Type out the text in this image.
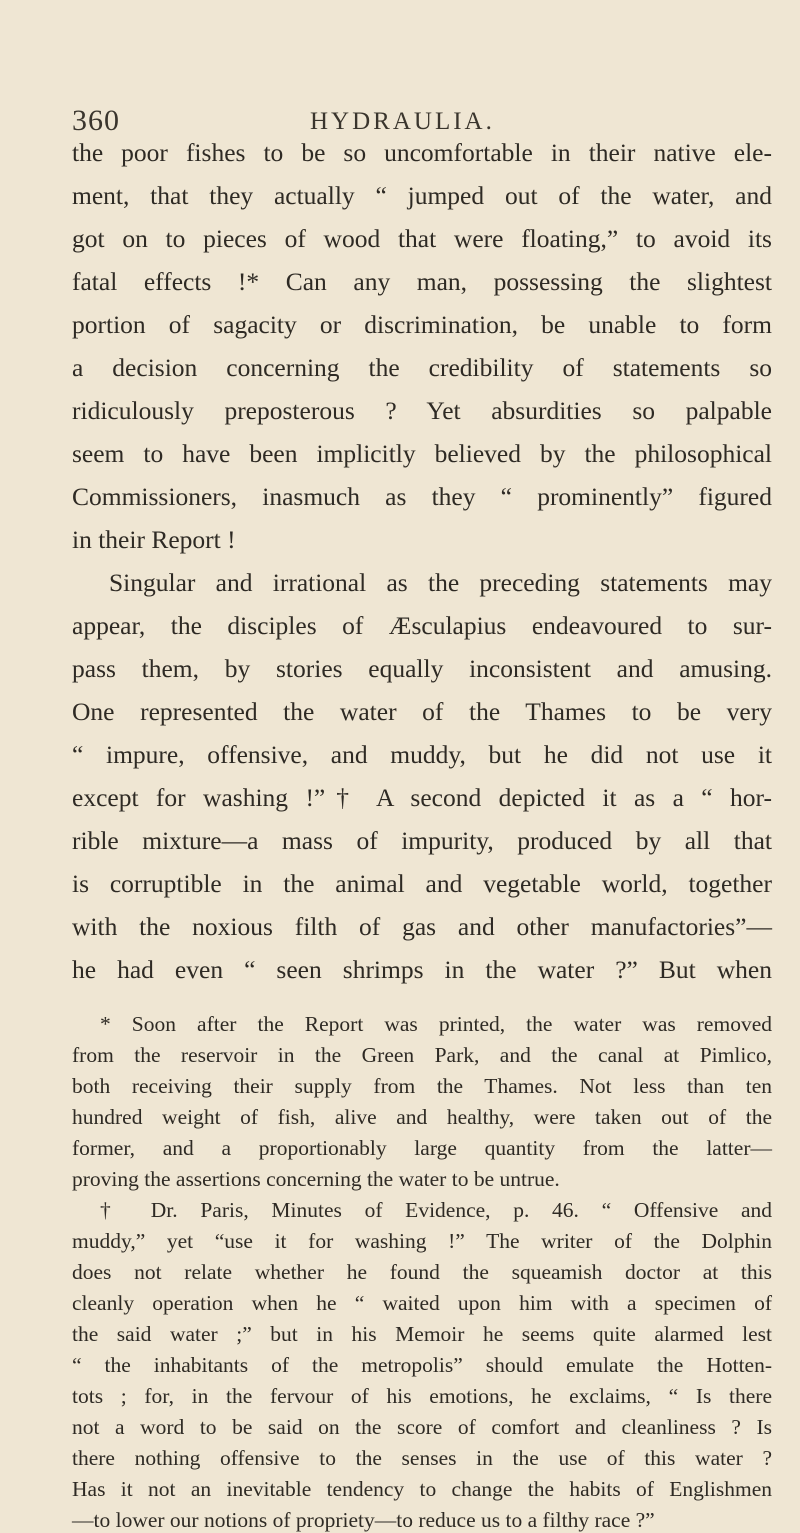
360	HYDRAULIA.
the poor fishes to be so uncomfortable in their native ele-
ment, that they actually “ jumped out of the water, and
got on to pieces of wood that were floating,” to avoid its
fatal effects !* Can any man, possessing the slightest
portion of sagacity or discrimination, be unable to form
a decision concerning the credibility of statements so
ridiculously preposterous ? Yet absurdities so palpable
seem to have been implicitly believed by the philosophical
Commissioners, inasmuch as they “ prominently” figured
in their Report !
Singular and irrational as the preceding statements may
appear, the disciples of Æsculapius endeavoured to sur-
pass them, by stories equally inconsistent and amusing.
One represented the water of the Thames to be very
“ impure, offensive, and muddy, but he did not use it
except for washing !”† A second depicted it as a “ hor-
rible mixture—a mass of impurity, produced by all that
is corruptible in the animal and vegetable world, together
with the noxious filth of gas and other manufactories”—
he had even “ seen shrimps in the water ?” But when
* Soon after the Report was printed, the water was removed
from the reservoir in the Green Park, and the canal at Pimlico,
both receiving their supply from the Thames. Not less than ten
hundred weight of fish, alive and healthy, were taken out of the
former, and a proportionably large quantity from the latter—
proving the assertions concerning the water to be untrue.
† Dr. Paris, Minutes of Evidence, p. 46. “ Offensive and
muddy,” yet “use it for washing !” The writer of the Dolphin
does not relate whether he found the squeamish doctor at this
cleanly operation when he “ waited upon him with a specimen of
the said water ;” but in his Memoir he seems quite alarmed lest
“ the inhabitants of the metropolis” should emulate the Hotten-
tots ; for, in the fervour of his emotions, he exclaims, “ Is there
not a word to be said on the score of comfort and cleanliness ? Is
there nothing offensive to the senses in the use of this water ?
Has it not an inevitable tendency to change the habits of Englishmen
—to lower our notions of propriety—to reduce us to a filthy race ?”
